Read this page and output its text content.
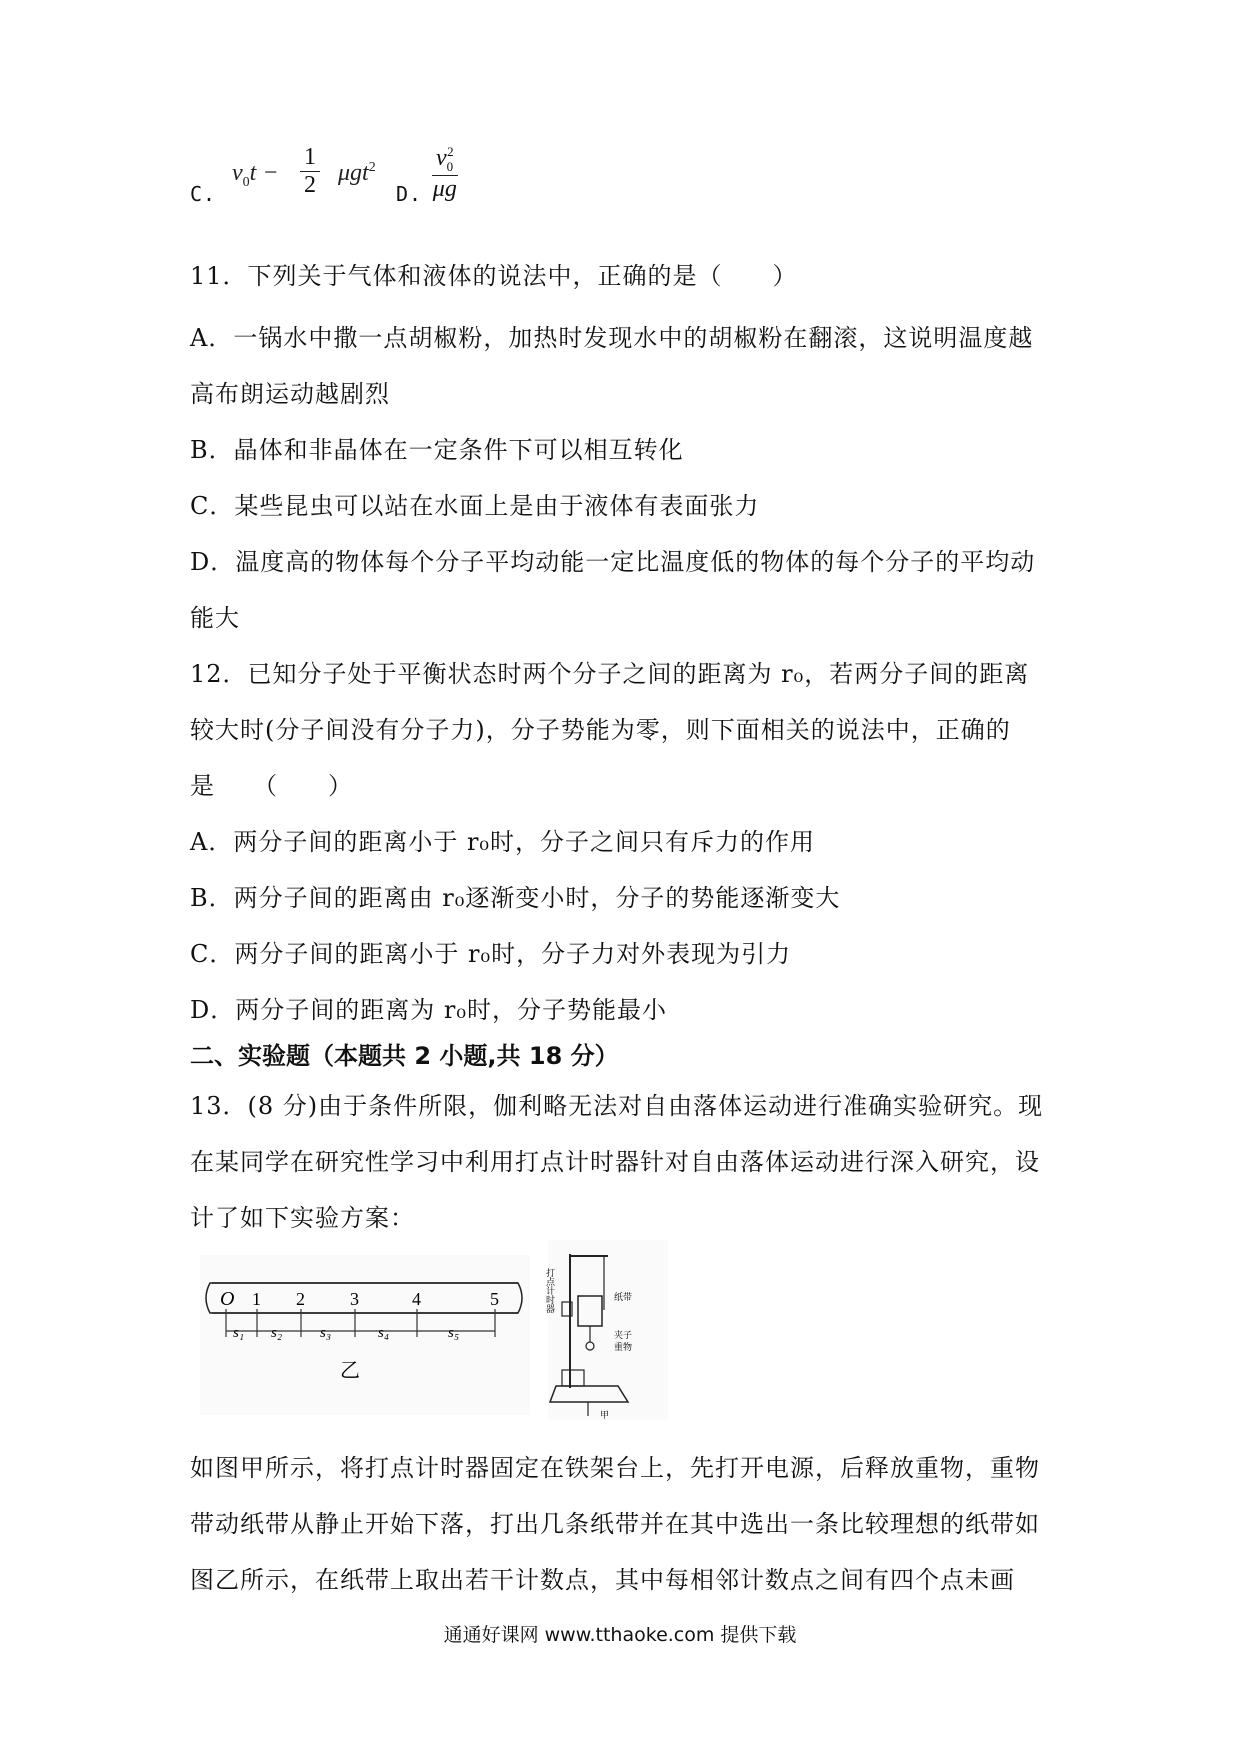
C.
$v_0t - \frac{1}{2} \mu gt^2$
D. $\frac{v_0^2}{\mu g}$
11．下列关于气体和液体的说法中，正确的是（　　）
A．一锅水中撒一点胡椒粉，加热时发现水中的胡椒粉在翻滚，这说明温度越
高布朗运动越剧烈
B．晶体和非晶体在一定条件下可以相互转化
C．某些昆虫可以站在水面上是由于液体有表面张力
D．温度高的物体每个分子平均动能一定比温度低的物体的每个分子的平均动
能大
12．已知分子处于平衡状态时两个分子之间的距离为 r₀，若两分子间的距离
较大时(分子间没有分子力)，分子势能为零，则下面相关的说法中，正确的
是　　（　　）
A．两分子间的距离小于 r₀时，分子之间只有斥力的作用
B．两分子间的距离由 r₀逐渐变小时，分子的势能逐渐变大
C．两分子间的距离小于 r₀时，分子力对外表现为引力
D．两分子间的距离为 r₀时，分子势能最小
二、实验题（本题共 2 小题,共 18 分）
13．(8 分)由于条件所限，伽利略无法对自由落体运动进行准确实验研究。现
在某同学在研究性学习中利用打点计时器针对自由落体运动进行深入研究，设
计了如下实验方案：
O 1 2	3	4	5
s₁ s₂	s₃	s₄	s₅
乙
打点计时器	纸带
夹子
重物
甲
如图甲所示，将打点计时器固定在铁架台上，先打开电源，后释放重物，重物
带动纸带从静止开始下落，打出几条纸带并在其中选出一条比较理想的纸带如
图乙所示，在纸带上取出若干计数点，其中每相邻计数点之间有四个点未画
通通好课网 www.tthaoke.com 提供下载
